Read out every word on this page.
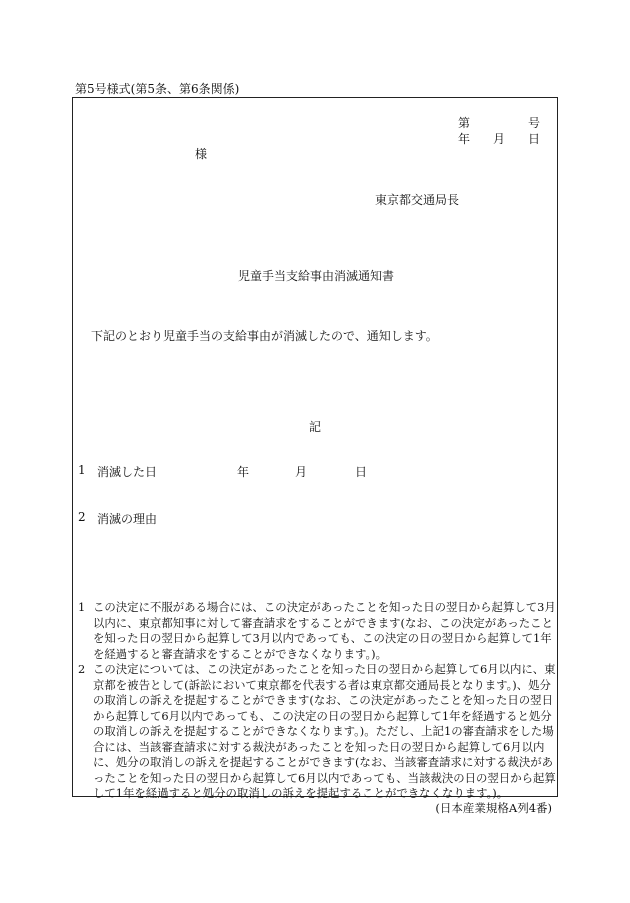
第5号様式(第5条、第6条関係)
第	号
年 月 日
様
東京都交通局長
児童手当支給事由消滅通知書
下記のとおり児童手当の支給事由が消滅したので、通知します。
記
1 消滅した日	年	月	日
2 消滅の理由
1 この決定に不服がある場合には、この決定があったことを知った日の翌日から起算して3月以内に、東京都知事に対して審査請求をすることができます(なお、この決定があったことを知った日の翌日から起算して3月以内であっても、この決定の日の翌日から起算して1年を経過すると審査請求をすることができなくなります。)。
2 この決定については、この決定があったことを知った日の翌日から起算して6月以内に、東京都を被告として(訴訟において東京都を代表する者は東京都交通局長となります。)、処分の取消しの訴えを提起することができます(なお、この決定があったことを知った日の翌日から起算して6月以内であっても、この決定の日の翌日から起算して1年を経過すると処分の取消しの訴えを提起することができなくなります。)。ただし、上記1の審査請求をした場合には、当該審査請求に対する裁決があったことを知った日の翌日から起算して6月以内に、処分の取消しの訴えを提起することができます(なお、当該審査請求に対する裁決があったことを知った日の翌日から起算して6月以内であっても、当該裁決の日の翌日から起算して1年を経過すると処分の取消しの訴えを提起することができなくなります。)。
(日本産業規格A列4番)
